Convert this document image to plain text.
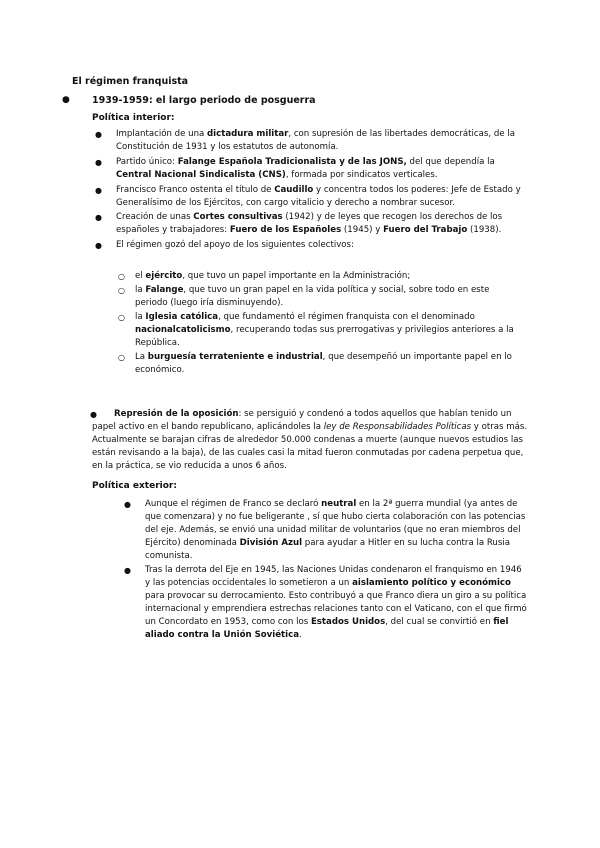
El régimen franquista
● 1939-1959: el largo periodo de posguerra
Política interior:
● Implantación de una dictadura militar, con supresión de las libertades democráticas, de la Constitución de 1931 y los estatutos de autonomía.
● Partido único: Falange Española Tradicionalista y de las JONS, del que dependía la Central Nacional Sindicalista (CNS), formada por sindicatos verticales.
● Francisco Franco ostenta el título de Caudillo y concentra todos los poderes: Jefe de Estado y Generalísimo de los Ejércitos, con cargo vitalicio y derecho a nombrar sucesor.
● Creación de unas Cortes consultivas (1942) y de leyes que recogen los derechos de los españoles y trabajadores: Fuero de los Españoles (1945) y Fuero del Trabajo (1938).
● El régimen gozó del apoyo de los siguientes colectivos:
○ el ejército, que tuvo un papel importante en la Administración;
○ la Falange, que tuvo un gran papel en la vida política y social, sobre todo en este periodo (luego iría disminuyendo).
○ la Iglesia católica, que fundamentó el régimen franquista con el denominado nacionalcatolicismo, recuperando todas sus prerrogativas y privilegios anteriores a la República.
○ La burguesía terrateniente e industrial, que desempeñó un importante papel en lo económico.
● Represión de la oposición: se persiguió y condenó a todos aquellos que habían tenido un papel activo en el bando republicano, aplicándoles la ley de Responsabilidades Políticas y otras más. Actualmente se barajan cifras de alrededor 50.000 condenas a muerte (aunque nuevos estudios las están revisando a la baja), de las cuales casi la mitad fueron conmutadas por cadena perpetua que, en la práctica, se vio reducida a unos 6 años.
Política exterior:
● Aunque el régimen de Franco se declaró neutral en la 2ª guerra mundial (ya antes de que comenzara) y no fue beligerante , sí que hubo cierta colaboración con las potencias del eje. Además, se envió una unidad militar de voluntarios (que no eran miembros del Ejército) denominada División Azul para ayudar a Hitler en su lucha contra la Rusia comunista.
● Tras la derrota del Eje en 1945, las Naciones Unidas condenaron el franquismo en 1946 y las potencias occidentales lo sometieron a un aislamiento político y económico para provocar su derrocamiento. Esto contribuyó a que Franco diera un giro a su política internacional y emprendiera estrechas relaciones tanto con el Vaticano, con el que firmó un Concordato en 1953, como con los Estados Unidos, del cual se convirtió en fiel aliado contra la Unión Soviética.
